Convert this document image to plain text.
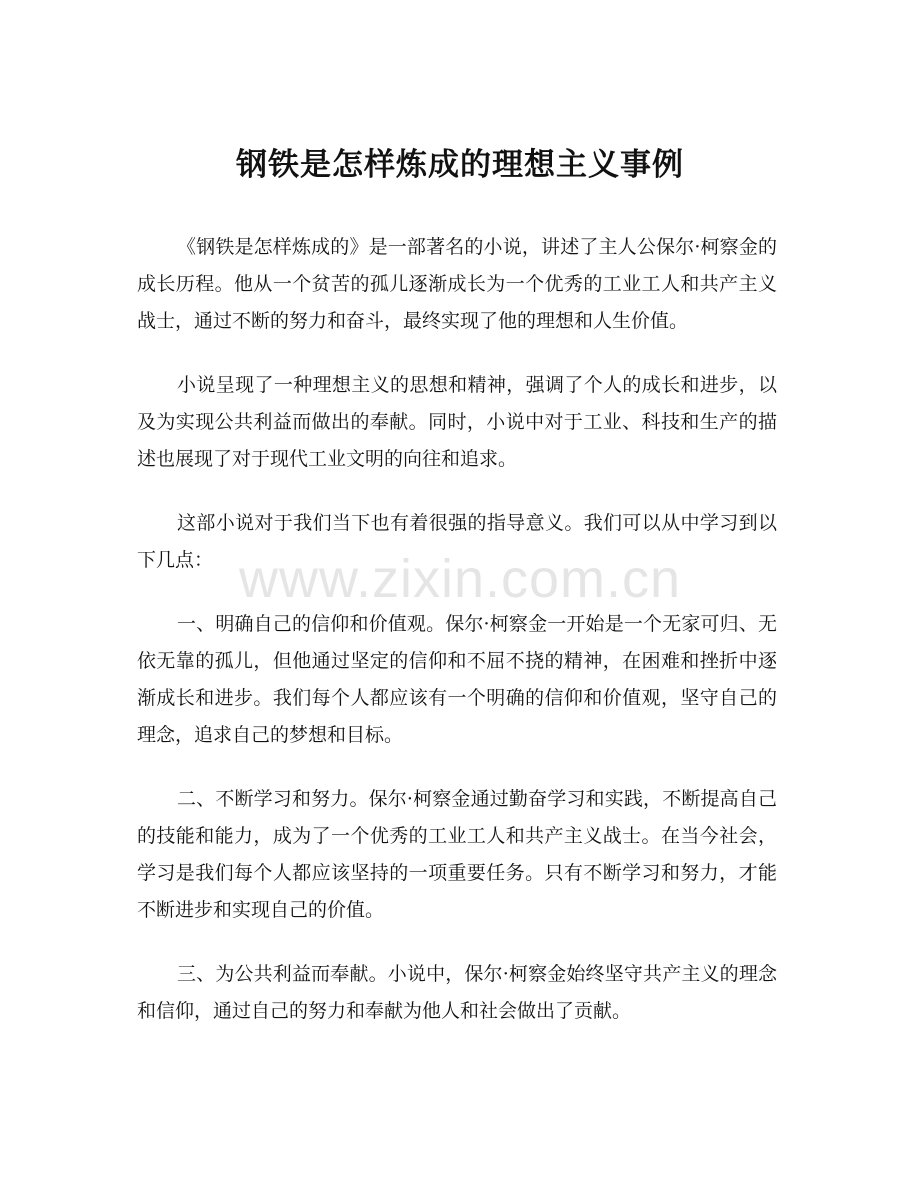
钢铁是怎样炼成的理想主义事例

《钢铁是怎样炼成的》是一部著名的小说，讲述了主人公保尔·柯察金的成长历程。他从一个贫苦的孤儿逐渐成长为一个优秀的工业工人和共产主义战士，通过不断的努力和奋斗，最终实现了他的理想和人生价值。

小说呈现了一种理想主义的思想和精神，强调了个人的成长和进步，以及为实现公共利益而做出的奉献。同时，小说中对于工业、科技和生产的描述也展现了对于现代工业文明的向往和追求。

这部小说对于我们当下也有着很强的指导意义。我们可以从中学习到以下几点：

一、明确自己的信仰和价值观。保尔·柯察金一开始是一个无家可归、无依无靠的孤儿，但他通过坚定的信仰和不屈不挠的精神，在困难和挫折中逐渐成长和进步。我们每个人都应该有一个明确的信仰和价值观，坚守自己的理念，追求自己的梦想和目标。

二、不断学习和努力。保尔·柯察金通过勤奋学习和实践，不断提高自己的技能和能力，成为了一个优秀的工业工人和共产主义战士。在当今社会，学习是我们每个人都应该坚持的一项重要任务。只有不断学习和努力，才能不断进步和实现自己的价值。

三、为公共利益而奉献。小说中，保尔·柯察金始终坚守共产主义的理念和信仰，通过自己的努力和奉献为他人和社会做出了贡献。

www.zixin.com.cn
